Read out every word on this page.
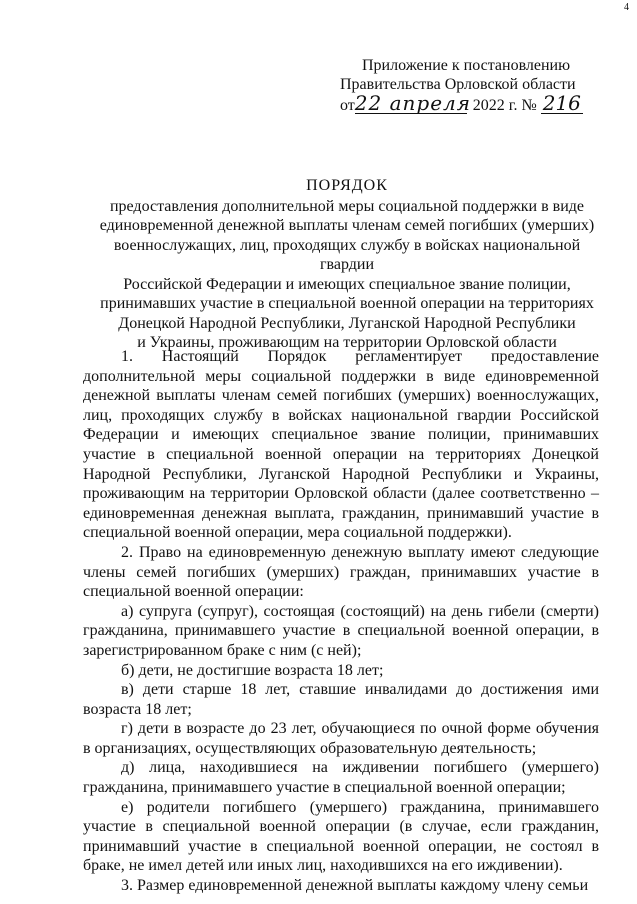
4
Приложение к постановлению
Правительства Орловской области
от 22 апреля 2022 г. № 216
ПОРЯДОК
предоставления дополнительной меры социальной поддержки в виде
единовременной денежной выплаты членам семей погибших (умерших)
военнослужащих, лиц, проходящих службу в войсках национальной гвардии
Российской Федерации и имеющих специальное звание полиции,
принимавших участие в специальной военной операции на территориях
Донецкой Народной Республики, Луганской Народной Республики
и Украины, проживающим на территории Орловской области

1. Настоящий Порядок регламентирует предоставление дополнительной меры социальной поддержки в виде единовременной денежной выплаты членам семей погибших (умерших) военнослужащих, лиц, проходящих службу в войсках национальной гвардии Российской Федерации и имеющих специальное звание полиции, принимавших участие в специальной военной операции на территориях Донецкой Народной Республики, Луганской Народной Республики и Украины, проживающим на территории Орловской области (далее соответственно – единовременная денежная выплата, гражданин, принимавший участие в специальной военной операции, мера социальной поддержки).

2. Право на единовременную денежную выплату имеют следующие члены семей погибших (умерших) граждан, принимавших участие в специальной военной операции:

а) супруга (супруг), состоящая (состоящий) на день гибели (смерти) гражданина, принимавшего участие в специальной военной операции, в зарегистрированном браке с ним (с ней);

б) дети, не достигшие возраста 18 лет;

в) дети старше 18 лет, ставшие инвалидами до достижения ими возраста 18 лет;

г) дети в возрасте до 23 лет, обучающиеся по очной форме обучения в организациях, осуществляющих образовательную деятельность;

д) лица, находившиеся на иждивении погибшего (умершего) гражданина, принимавшего участие в специальной военной операции;

е) родители погибшего (умершего) гражданина, принимавшего участие в специальной военной операции (в случае, если гражданин, принимавший участие в специальной военной операции, не состоял в браке, не имел детей или иных лиц, находившихся на его иждивении).

3. Размер единовременной денежной выплаты каждому члену семьи
